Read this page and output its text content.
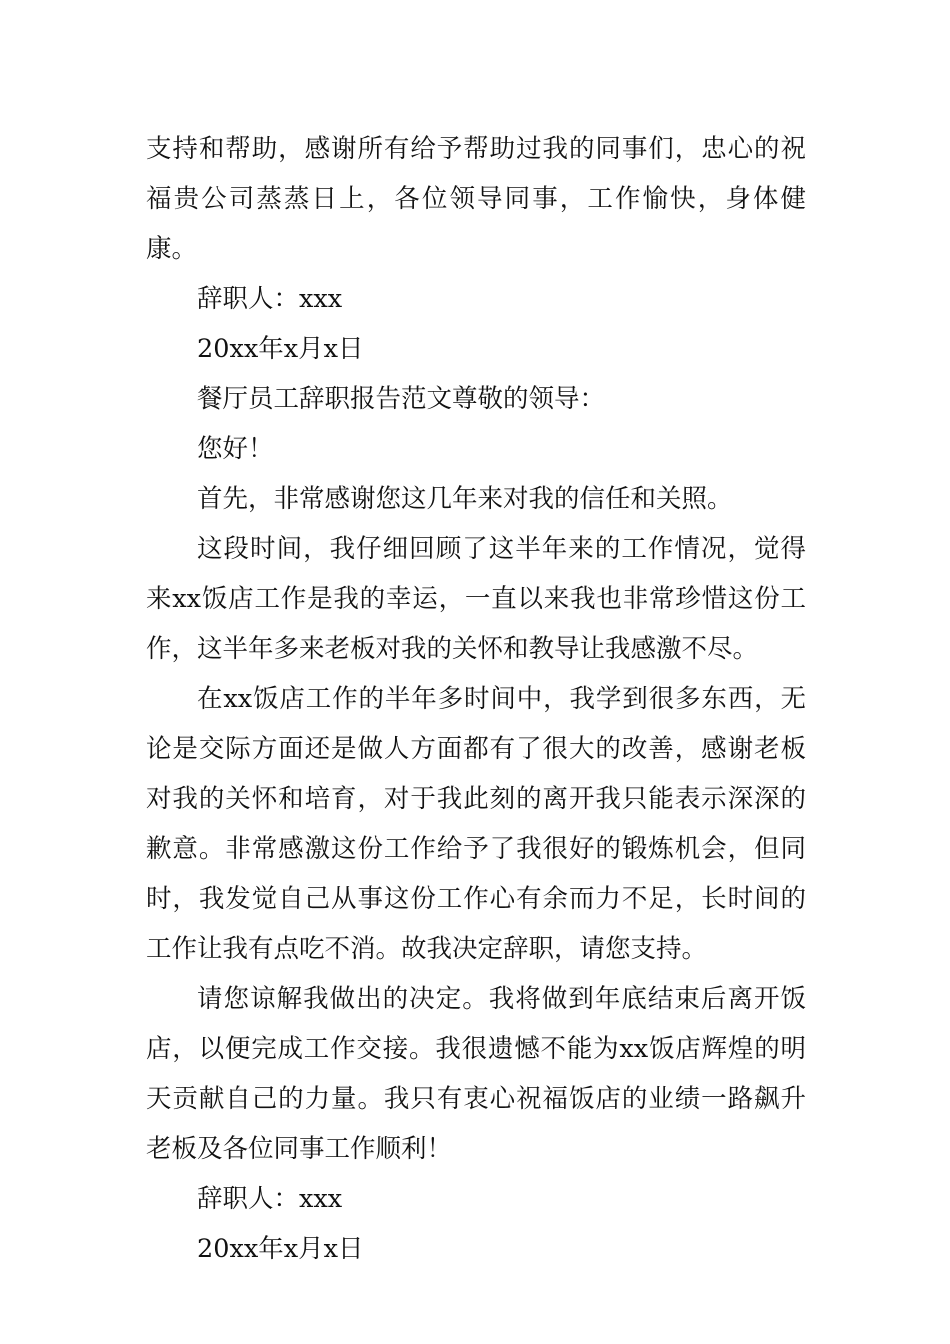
支持和帮助，感谢所有给予帮助过我的同事们，忠心的祝福贵公司蒸蒸日上，各位领导同事，工作愉快，身体健康。

辞职人：xxx

20xx年x月x日

餐厅员工辞职报告范文尊敬的领导：

您好！

首先，非常感谢您这几年来对我的信任和关照。

这段时间，我仔细回顾了这半年来的工作情况，觉得来xx饭店工作是我的幸运，一直以来我也非常珍惜这份工作，这半年多来老板对我的关怀和教导让我感激不尽。

在xx饭店工作的半年多时间中，我学到很多东西，无论是交际方面还是做人方面都有了很大的改善，感谢老板对我的关怀和培育，对于我此刻的离开我只能表示深深的歉意。非常感激这份工作给予了我很好的锻炼机会，但同时，我发觉自己从事这份工作心有余而力不足，长时间的工作让我有点吃不消。故我决定辞职，请您支持。

请您谅解我做出的决定。我将做到年底结束后离开饭店，以便完成工作交接。我很遗憾不能为xx饭店辉煌的明天贡献自己的力量。我只有衷心祝福饭店的业绩一路飙升老板及各位同事工作顺利！

辞职人：xxx

20xx年x月x日
